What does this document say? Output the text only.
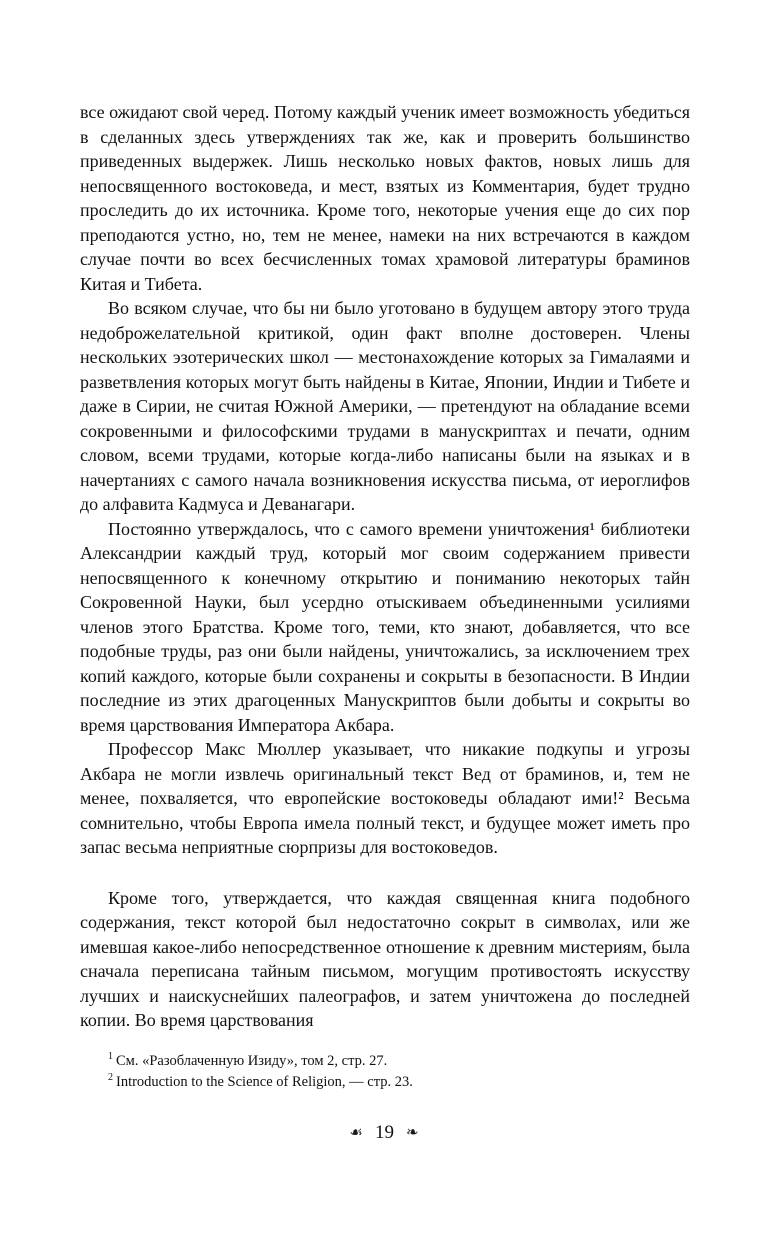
все ожидают свой черед. Потому каждый ученик имеет возможность убедиться в сделанных здесь утверждениях так же, как и проверить большинство приведенных выдержек. Лишь несколько новых фактов, новых лишь для непосвященного востоковеда, и мест, взятых из Комментария, будет трудно проследить до их источника. Кроме того, некоторые учения еще до сих пор преподаются устно, но, тем не менее, намеки на них встречаются в каждом случае почти во всех бесчисленных томах храмовой литературы браминов Китая и Тибета.

Во всяком случае, что бы ни было уготовано в будущем автору этого труда недоброжелательной критикой, один факт вполне достоверен. Члены нескольких эзотерических школ — местонахождение которых за Гималаями и разветвления которых могут быть найдены в Китае, Японии, Индии и Тибете и даже в Сирии, не считая Южной Америки, — претендуют на обладание всеми сокровенными и философскими трудами в манускриптах и печати, одним словом, всеми трудами, которые когда-либо написаны были на языках и в начертаниях с самого начала возникновения искусства письма, от иероглифов до алфавита Кадмуса и Деванагари.

Постоянно утверждалось, что с самого времени уничтожения¹ библиотеки Александрии каждый труд, который мог своим содержанием привести непосвященного к конечному открытию и пониманию некоторых тайн Сокровенной Науки, был усердно отыскиваем объединенными усилиями членов этого Братства. Кроме того, теми, кто знают, добавляется, что все подобные труды, раз они были найдены, уничтожались, за исключением трех копий каждого, которые были сохранены и сокрыты в безопасности. В Индии последние из этих драгоценных Манускриптов были добыты и сокрыты во время царствования Императора Акбара.

Профессор Макс Мюллер указывает, что никакие подкупы и угрозы Акбара не могли извлечь оригинальный текст Вед от браминов, и, тем не менее, похваляется, что европейские востоковеды обладают ими!² Весьма сомнительно, чтобы Европа имела полный текст, и будущее может иметь про запас весьма неприятные сюрпризы для востоковедов.

Кроме того, утверждается, что каждая священная книга подобного содержания, текст которой был недостаточно сокрыт в символах, или же имевшая какое-либо непосредственное отношение к древним мистериям, была сначала переписана тайным письмом, могущим противостоять искусству лучших и наискуснейших палеографов, и затем уничтожена до последней копии. Во время царствования

$^1$ См. «Разоблаченную Изиду», том 2, стр. 27.

$^2$ Introduction to the Science of Religion, — стр. 23.

☙ 19 ❧
